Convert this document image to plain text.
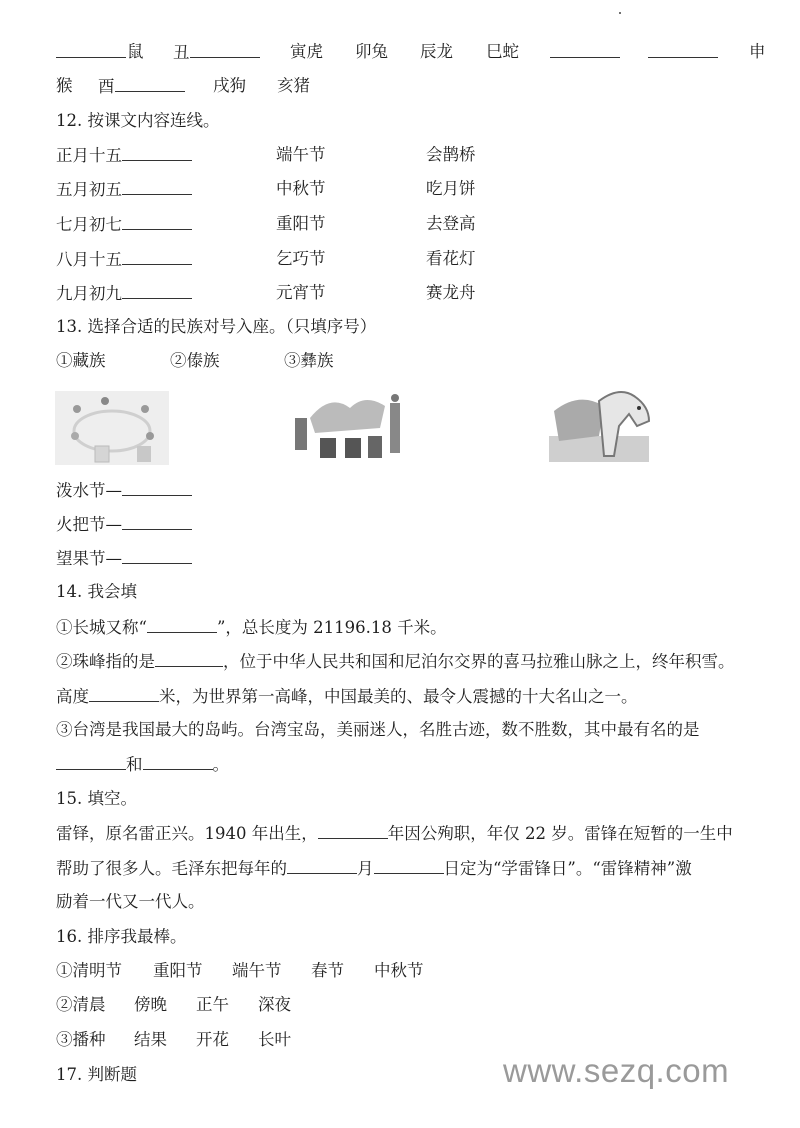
鼠 丑	寅虎 卯兔 辰龙 巳蛇	申
猴 酉	戌狗 亥猪
12. 按课文内容连线。
正月十五	端午节	会鹊桥
五月初五	中秋节	吃月饼
七月初七	重阳节	去登高
八月十五	乞巧节	看花灯
九月初九	元宵节	赛龙舟
13. 选择合适的民族对号入座。（只填序号）
①藏族	②傣族	③彝族
泼水节—
火把节—
望果节—
14. 我会填
①长城又称“	”，总长度为 21196.18 千米。
②珠峰指的是	，位于中华人民共和国和尼泊尔交界的喜马拉雅山脉之上，终年积雪。
高度	米，为世界第一高峰，中国最美的、最令人震撼的十大名山之一。
③台湾是我国最大的岛屿。台湾宝岛，美丽迷人，名胜古迹，数不胜数，其中最有名的是
和	。
15. 填空。
雷铎，原名雷正兴。1940 年出生，	年因公殉职，年仅 22 岁。雷锋在短暂的一生中
帮助了很多人。毛泽东把每年的	月	日定为“学雷锋日”。“雷锋精神”激
励着一代又一代人。
16. 排序我最棒。
①清明节 重阳节 端午节 春节 中秋节
②清晨 傍晚 正午 深夜
③播种 结果 开花 长叶
17. 判断题	www.sezq.com
